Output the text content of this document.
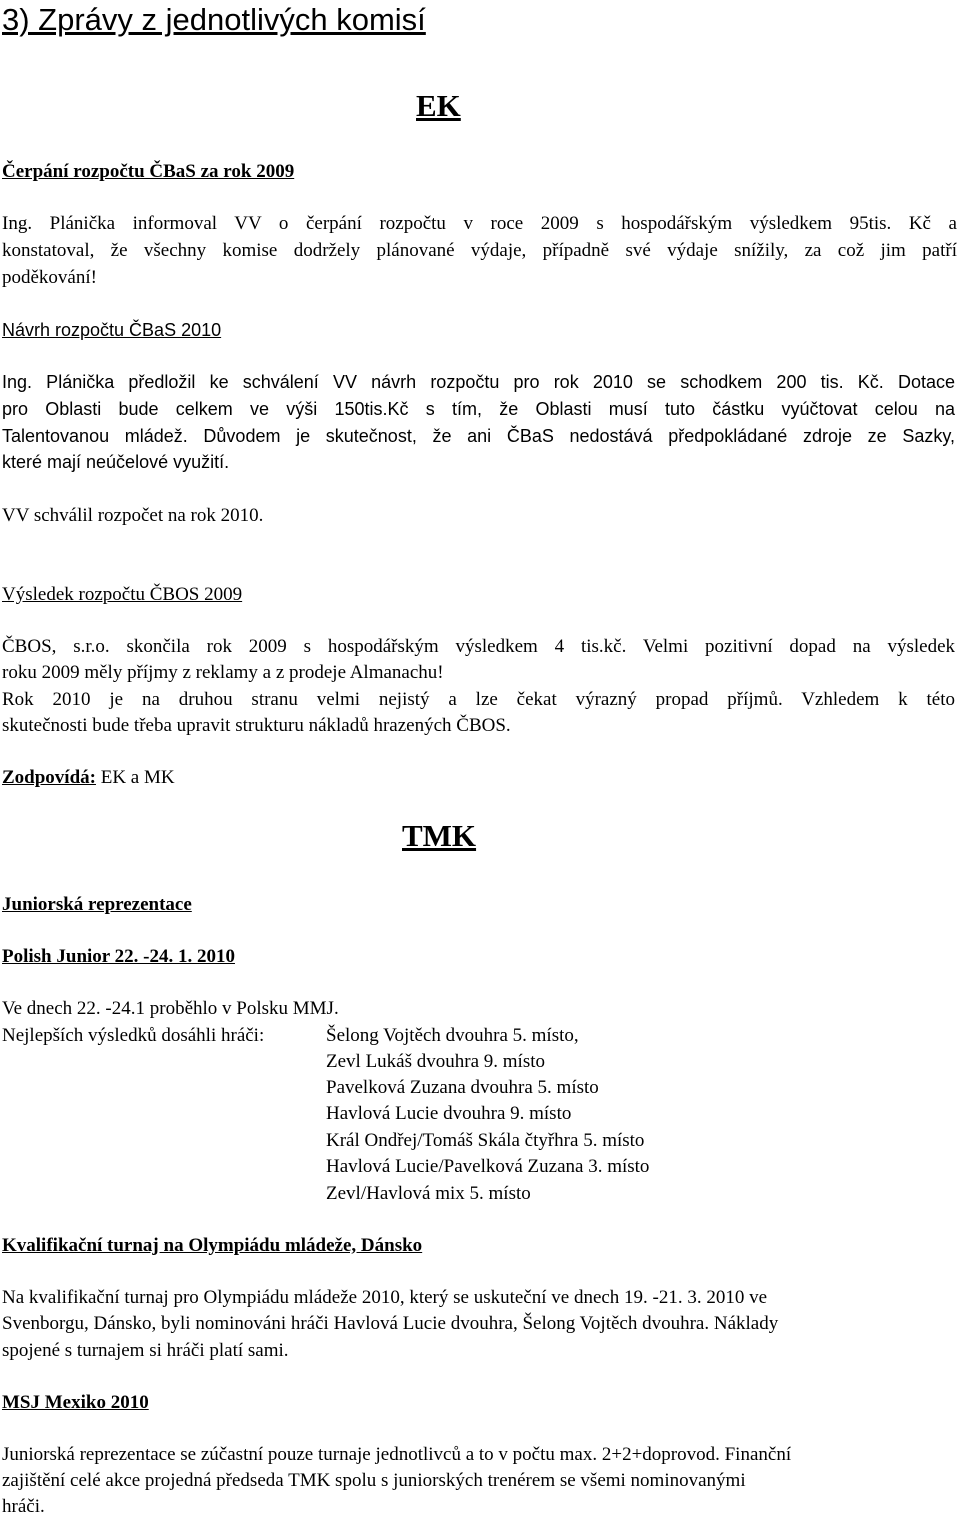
3) Zprávy z jednotlivých komisí
EK
Čerpání rozpočtu ČBaS za rok 2009
Ing. Plánička informoval VV o čerpání rozpočtu v roce 2009 s hospodářským výsledkem 95tis. Kč a
konstatoval, že všechny komise dodržely plánované výdaje, případně své výdaje snížily, za což jim patří
poděkování!
Návrh rozpočtu ČBaS 2010
Ing. Plánička předložil ke schválení VV návrh rozpočtu pro rok 2010 se schodkem 200 tis. Kč. Dotace
pro Oblasti bude celkem ve výši 150tis.Kč s tím, že Oblasti musí tuto částku vyúčtovat celou na
Talentovanou mládež. Důvodem je skutečnost, že ani ČBaS nedostává předpokládané zdroje ze Sazky,
které mají neúčelové využití.
VV schválil rozpočet na rok 2010.
Výsledek rozpočtu ČBOS 2009
ČBOS, s.r.o. skončila rok 2009 s hospodářským výsledkem 4 tis.kč. Velmi pozitivní dopad na výsledek
roku 2009 měly příjmy z reklamy a z prodeje Almanachu!
Rok 2010 je na druhou stranu velmi nejistý a lze čekat výrazný propad příjmů. Vzhledem k této
skutečnosti bude třeba upravit strukturu nákladů hrazených ČBOS.
Zodpovídá: EK a MK
TMK
Juniorská reprezentace
Polish Junior 22. -24. 1. 2010
Ve dnech 22. -24.1 proběhlo v Polsku MMJ.
Nejlepších výsledků dosáhli hráči:	Šelong Vojtěch dvouhra 5. místo,
Zevl Lukáš dvouhra 9. místo
Pavelková Zuzana dvouhra 5. místo
Havlová Lucie dvouhra 9. místo
Král Ondřej/Tomáš Skála čtyřhra 5. místo
Havlová Lucie/Pavelková Zuzana 3. místo
Zevl/Havlová mix 5. místo
Kvalifikační turnaj na Olympiádu mládeže, Dánsko
Na kvalifikační turnaj pro Olympiádu mládeže 2010, který se uskuteční ve dnech 19. -21. 3. 2010 ve
Svenborgu, Dánsko, byli nominováni hráči Havlová Lucie dvouhra, Šelong Vojtěch dvouhra. Náklady
spojené s turnajem si hráči platí sami.
MSJ Mexiko 2010
Juniorská reprezentace se zúčastní pouze turnaje jednotlivců a to v počtu max. 2+2+doprovod. Finanční
zajištění celé akce projedná předseda TMK spolu s juniorských trenérem se všemi nominovanými
hráči.
